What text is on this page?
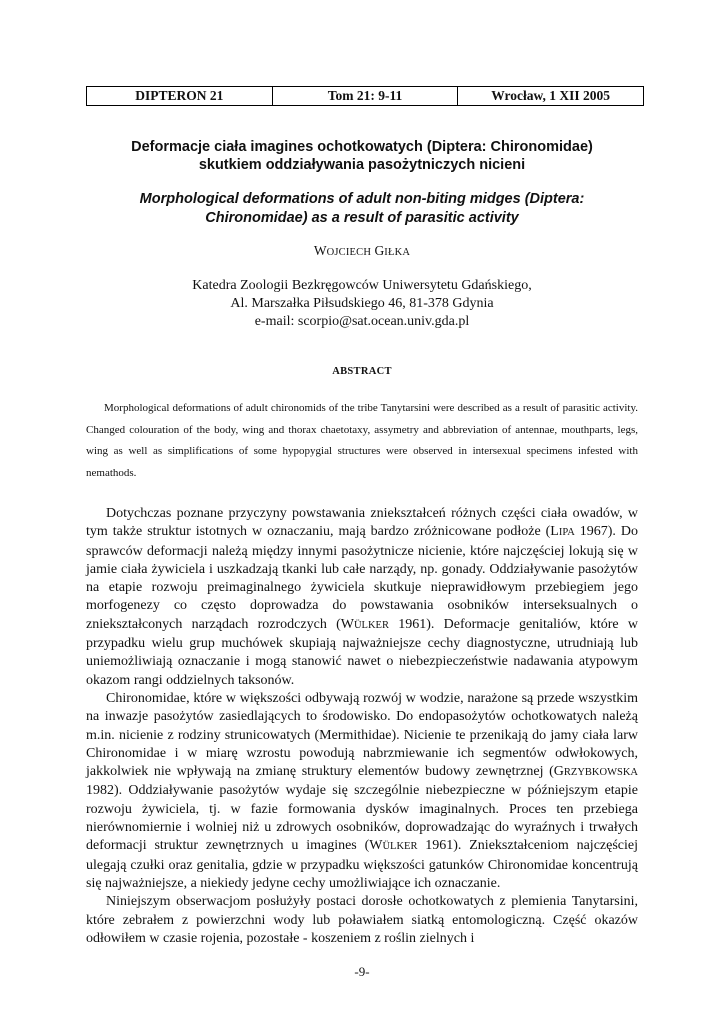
DIPTERON 21	Tom 21: 9-11	Wrocław, 1 XII 2005
Deformacje ciała imagines ochotkowatych (Diptera: Chironomidae)
skutkiem oddziaływania pasożytniczych nicieni
Morphological deformations of adult non-biting midges (Diptera:
Chironomidae) as a result of parasitic activity
WOJCIECH GIŁKA
Katedra Zoologii Bezkręgowców Uniwersytetu Gdańskiego,
Al. Marszałka Piłsudskiego 46, 81-378 Gdynia
e-mail: scorpio@sat.ocean.univ.gda.pl
ABSTRACT

Morphological deformations of adult chironomids of the tribe Tanytarsini were described as a result of parasitic activity. Changed colouration of the body, wing and thorax chaetotaxy, assymetry and abbreviation of antennae, mouthparts, legs, wing as well as simplifications of some hypopygial structures were observed in intersexual specimens infested with nemathods.

Dotychczas poznane przyczyny powstawania zniekształceń różnych części ciała owadów, w tym także struktur istotnych w oznaczaniu, mają bardzo zróżnicowane podłoże (LIPA 1967). Do sprawców deformacji należą między innymi pasożytnicze nicienie, które najczęściej lokują się w jamie ciała żywiciela i uszkadzają tkanki lub całe narządy, np. gonady. Oddziaływanie pasożytów na etapie rozwoju preimaginalnego żywiciela skutkuje nieprawidłowym przebiegiem jego morfogenezy co często doprowadza do powstawania osobników interseksualnych o zniekształconych narządach rozrodczych (WÜLKER 1961). Deformacje genitaliów, które w przypadku wielu grup muchówek skupiają najważniejsze cechy diagnostyczne, utrudniają lub uniemożliwiają oznaczanie i mogą stanowić nawet o niebezpieczeństwie nadawania atypowym okazom rangi oddzielnych taksonów.

Chironomidae, które w większości odbywają rozwój w wodzie, narażone są przede wszystkim na inwazje pasożytów zasiedlających to środowisko. Do endopasożytów ochotkowatych należą m.in. nicienie z rodziny strunicowatych (Mermithidae). Nicienie te przenikają do jamy ciała larw Chironomidae i w miarę wzrostu powodują nabrzmiewanie ich segmentów odwłokowych, jakkolwiek nie wpływają na zmianę struktury elementów budowy zewnętrznej (GRZYBKOWSKA 1982). Oddziaływanie pasożytów wydaje się szczególnie niebezpieczne w późniejszym etapie rozwoju żywiciela, tj. w fazie formowania dysków imaginalnych. Proces ten przebiega nierównomiernie i wolniej niż u zdrowych osobników, doprowadzając do wyraźnych i trwałych deformacji struktur zewnętrznych u imagines (WÜLKER 1961). Zniekształceniom najczęściej ulegają czułki oraz genitalia, gdzie w przypadku większości gatunków Chironomidae koncentrują się najważniejsze, a niekiedy jedyne cechy umożliwiające ich oznaczanie.

Niniejszym obserwacjom posłużyły postaci dorosłe ochotkowatych z plemienia Tanytarsini, które zebrałem z powierzchni wody lub poławiałem siatką entomologiczną. Część okazów odłowiłem w czasie rojenia, pozostałe - koszeniem z roślin zielnych i

-9-
